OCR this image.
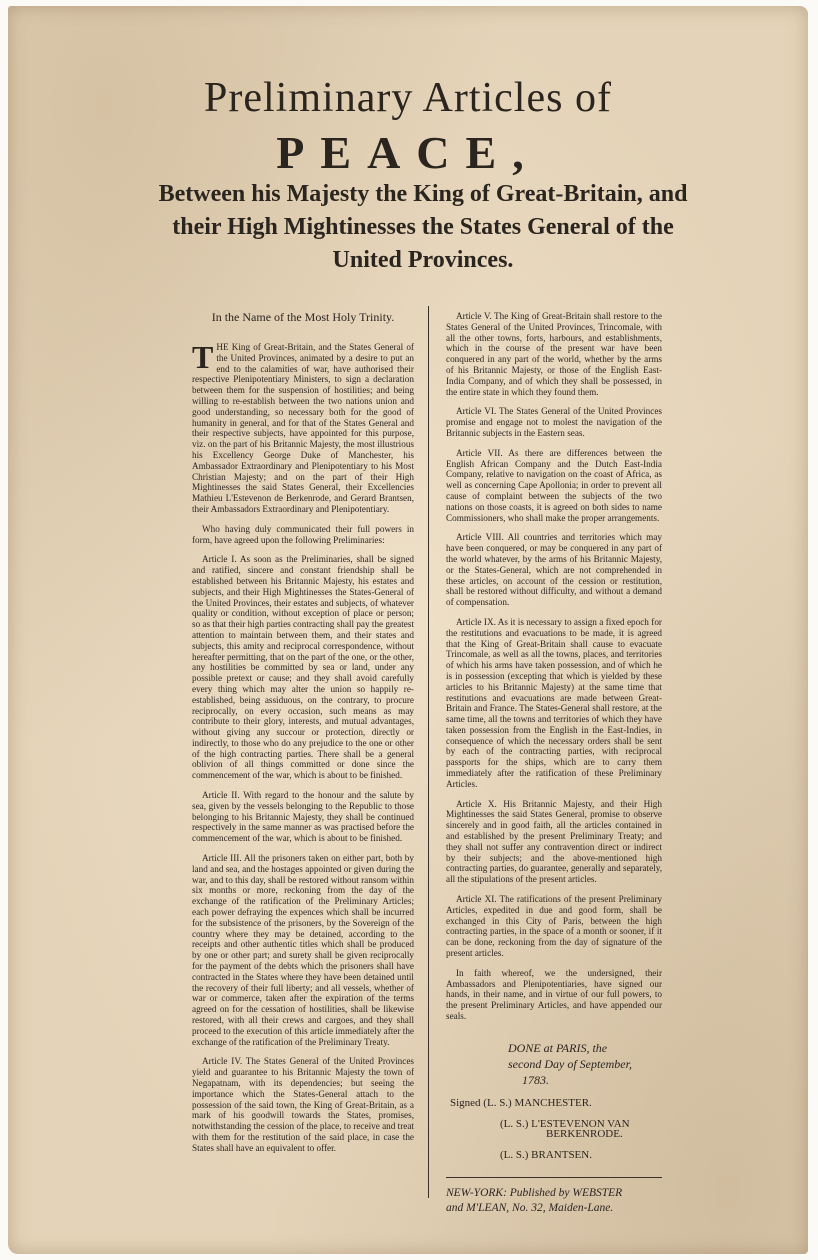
Preliminary Articles of
PEACE,
Between his Majesty the King of Great-Britain, and their High Mightinesses the States General of the United Provinces.

In the Name of the Most Holy Trinity.

THE King of Great-Britain, and the States General of the United Provinces, animated by a desire to put an end to the calamities of war, have authorised their respective Plenipotentiary Ministers, to sign a declaration between them for the suspension of hostilities; and being willing to re-establish between the two nations union and good understanding, so necessary both for the good of humanity in general, and for that of the States General and their respective subjects, have appointed for this purpose, viz. on the part of his Britannic Majesty, the most illustrious his Excellency George Duke of Manchester, his Ambassador Extraordinary and Plenipotentiary to his Most Christian Majesty; and on the part of their High Mightinesses the said States General, their Excellencies Mathieu L'Estevenon de Berkenrode, and Gerard Brantsen, their Ambassadors Extraordinary and Plenipotentiary.

Who having duly communicated their full powers in form, have agreed upon the following Preliminaries:

Article I. As soon as the Preliminaries, shall be signed and ratified, sincere and constant friendship shall be established between his Britannic Majesty, his estates and subjects, and their High Mightinesses the States-General of the United Provinces, their estates and subjects, of whatever quality or condition, without exception of place or person; so as that their high parties contracting shall pay the greatest attention to maintain between them, and their states and subjects, this amity and reciprocal correspondence, without hereafter permitting, that on the part of the one, or the other, any hostilities be committed by sea or land, under any possible pretext or cause; and they shall avoid carefully every thing which may alter the union so happily re-established, being assiduous, on the contrary, to procure reciprocally, on every occasion, such means as may contribute to their glory, interests, and mutual advantages, without giving any succour or protection, directly or indirectly, to those who do any prejudice to the one or other of the high contracting parties. There shall be a general oblivion of all things committed or done since the commencement of the war, which is about to be finished.

Article II. With regard to the honour and the salute by sea, given by the vessels belonging to the Republic to those belonging to his Britannic Majesty, they shall be continued respectively in the same manner as was practised before the commencement of the war, which is about to be finished.

Article III. All the prisoners taken on either part, both by land and sea, and the hostages appointed or given during the war, and to this day, shall be restored without ransom within six months or more, reckoning from the day of the exchange of the ratification of the Preliminary Articles; each power defraying the expences which shall be incurred for the subsistence of the prisoners, by the Sovereign of the country where they may be detained, according to the receipts and other authentic titles which shall be produced by one or other part; and surety shall be given reciprocally for the payment of the debts which the prisoners shall have contracted in the States where they have been detained until the recovery of their full liberty; and all vessels, whether of war or commerce, taken after the expiration of the terms agreed on for the cessation of hostilities, shall be likewise restored, with all their crews and cargoes, and they shall proceed to the execution of this article immediately after the exchange of the ratification of the Preliminary Treaty.

Article IV. The States General of the United Provinces yield and guarantee to his Britannic Majesty the town of Negapatnam, with its dependencies; but seeing the importance which the States-General attach to the possession of the said town, the King of Great-Britain, as a mark of his goodwill towards the States, promises, notwithstanding the cession of the place, to receive and treat with them for the restitution of the said place, in case the States shall have an equivalent to offer.

Article V. The King of Great-Britain shall restore to the States General of the United Provinces, Trincomale, with all the other towns, forts, harbours, and establishments, which in the course of the present war have been conquered in any part of the world, whether by the arms of his Britannic Majesty, or those of the English East-India Company, and of which they shall be possessed, in the entire state in which they found them.

Article VI. The States General of the United Provinces promise and engage not to molest the navigation of the Britannic subjects in the Eastern seas.

Article VII. As there are differences between the English African Company and the Dutch East-India Company, relative to navigation on the coast of Africa, as well as concerning Cape Apollonia; in order to prevent all cause of complaint between the subjects of the two nations on those coasts, it is agreed on both sides to name Commissioners, who shall make the proper arrangements.

Article VIII. All countries and territories which may have been conquered, or may be conquered in any part of the world whatever, by the arms of his Britannic Majesty, or the States-General, which are not comprehended in these articles, on account of the cession or restitution, shall be restored without difficulty, and without a demand of compensation.

Article IX. As it is necessary to assign a fixed epoch for the restitutions and evacuations to be made, it is agreed that the King of Great-Britain shall cause to evacuate Trincomale, as well as all the towns, places, and territories of which his arms have taken possession, and of which he is in possession (excepting that which is yielded by these articles to his Britannic Majesty) at the same time that restitutions and evacuations are made between Great-Britain and France. The States-General shall restore, at the same time, all the towns and territories of which they have taken possession from the English in the East-Indies, in consequence of which the necessary orders shall be sent by each of the contracting parties, with reciprocal passports for the ships, which are to carry them immediately after the ratification of these Preliminary Articles.

Article X. His Britannic Majesty, and their High Mightinesses the said States General, promise to observe sincerely and in good faith, all the articles contained in and established by the present Preliminary Treaty; and they shall not suffer any contravention direct or indirect by their subjects; and the above-mentioned high contracting parties, do guarantee, generally and separately, all the stipulations of the present articles.

Article XI. The ratifications of the present Preliminary Articles, expedited in due and good form, shall be exchanged in this City of Paris, between the high contracting parties, in the space of a month or sooner, if it can be done, reckoning from the day of signature of the present articles.

In faith whereof, we the undersigned, their Ambassadors and Plenipotentiaries, have signed our hands, in their name, and in virtue of our full powers, to the present Preliminary Articles, and have appended our seals.

DONE at PARIS, the
second Day of September,
1783.
Signed (L. S.) MANCHESTER.
(L. S.) L'ESTEVENON VAN
BERKENRODE.
(L. S.) BRANTSEN.
NEW-YORK: Published by WEBSTER
and M'LEAN, No. 32, Maiden-Lane.
